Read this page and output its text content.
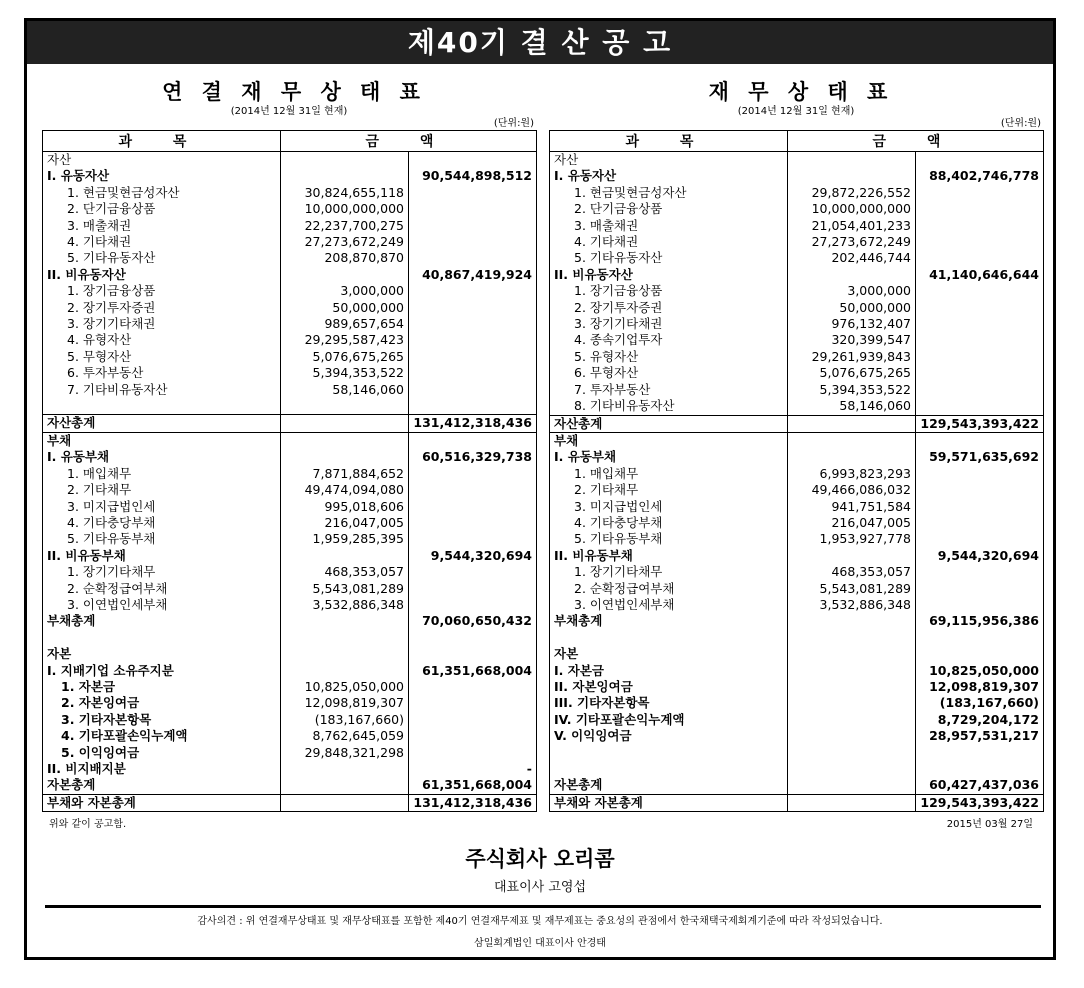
제40기 결 산 공 고
연 결 재 무 상 태 표
(2014년 12월 31일 현재)
(단위:원)
과 목	금 액	
자산		
I. 유동자산		90,544,898,512
1. 현금및현금성자산	30,824,655,118	
2. 단기금융상품	10,000,000,000	
3. 매출채권	22,237,700,275	
4. 기타채권	27,273,672,249	
5. 기타유동자산	208,870,870	
II. 비유동자산		40,867,419,924
1. 장기금융상품	3,000,000	
2. 장기투자증권	50,000,000	
3. 장기기타채권	989,657,654	
4. 유형자산	29,295,587,423	
5. 무형자산	5,076,675,265	
6. 투자부동산	5,394,353,522	
7. 기타비유동자산	58,146,060	

자산총계		131,412,318,436
부채		
I. 유동부채		60,516,329,738
1. 매입채무	7,871,884,652	
2. 기타채무	49,474,094,080	
3. 미지급법인세	995,018,606	
4. 기타충당부채	216,047,005	
5. 기타유동부채	1,959,285,395	
II. 비유동부채		9,544,320,694
1. 장기기타채무	468,353,057	
2. 순확정급여부채	5,543,081,289	
3. 이연법인세부채	3,532,886,348	
부채총계		70,060,650,432

자본		
I. 지배기업 소유주지분		61,351,668,004
1. 자본금	10,825,050,000	
2. 자본잉여금	12,098,819,307	
3. 기타자본항목	(183,167,660)	
4. 기타포괄손익누계액	8,762,645,059	
5. 이익잉여금	29,848,321,298	
II. 비지배지분		-
자본총계		61,351,668,004
부채와 자본총계		131,412,318,436
재 무 상 태 표
(2014년 12월 31일 현재)
(단위:원)
과 목	금 액	
자산		
I. 유동자산		88,402,746,778
1. 현금및현금성자산	29,872,226,552	
2. 단기금융상품	10,000,000,000	
3. 매출채권	21,054,401,233	
4. 기타채권	27,273,672,249	
5. 기타유동자산	202,446,744	
II. 비유동자산		41,140,646,644
1. 장기금융상품	3,000,000	
2. 장기투자증권	50,000,000	
3. 장기기타채권	976,132,407	
4. 종속기업투자	320,399,547	
5. 유형자산	29,261,939,843	
6. 무형자산	5,076,675,265	
7. 투자부동산	5,394,353,522	
8. 기타비유동자산	58,146,060	
자산총계		129,543,393,422
부채		
I. 유동부채		59,571,635,692
1. 매입채무	6,993,823,293	
2. 기타채무	49,466,086,032	
3. 미지급법인세	941,751,584	
4. 기타충당부채	216,047,005	
5. 기타유동부채	1,953,927,778	
II. 비유동부채		9,544,320,694
1. 장기기타채무	468,353,057	
2. 순확정급여부채	5,543,081,289	
3. 이연법인세부채	3,532,886,348	
부채총계		69,115,956,386

자본		
I. 자본금		10,825,050,000
II. 자본잉여금		12,098,819,307
III. 기타자본항목		(183,167,660)
IV. 기타포괄손익누계액		8,729,204,172
V. 이익잉여금		28,957,531,217

자본총계		60,427,437,036
부채와 자본총계		129,543,393,422
위와 같이 공고함.	2015년 03월 27일
주식회사 오리콤
대표이사 고영섭
감사의견 : 위 연결재무상태표 및 재무상태표를 포함한 제40기 연결재무제표 및 재무제표는 중요성의 관점에서 한국채택국제회계기준에 따라 작성되었습니다.
삼일회계법인 대표이사 안경태
